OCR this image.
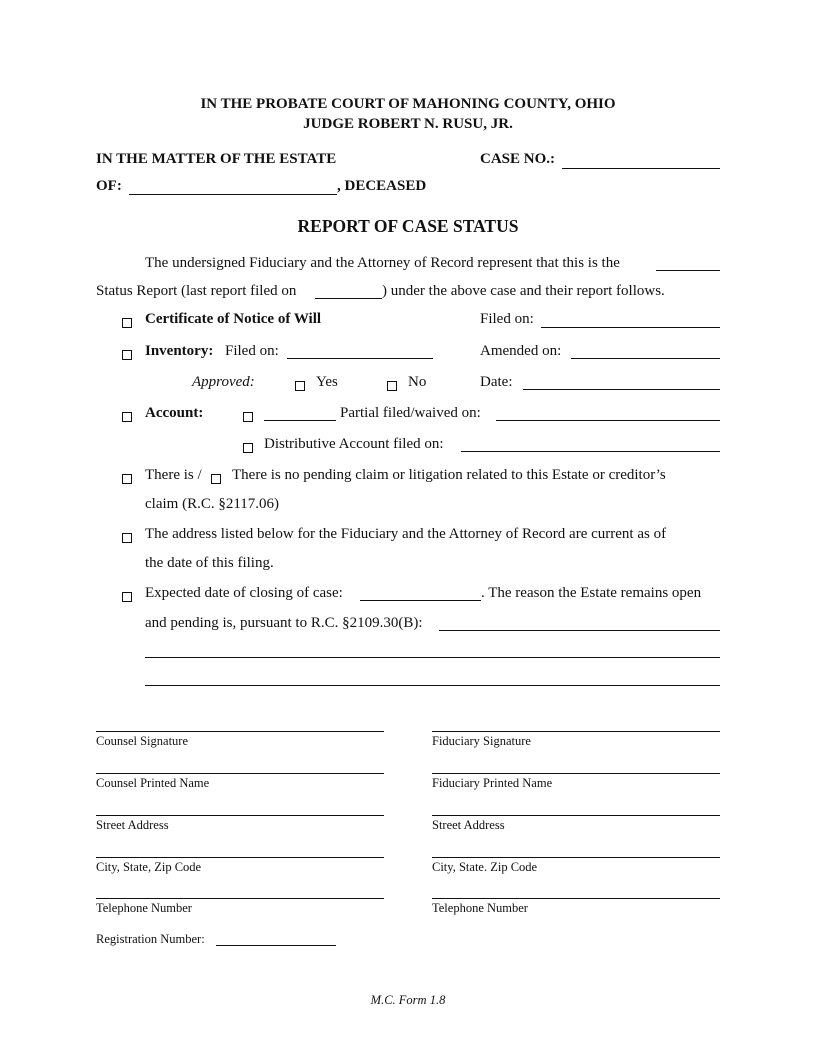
IN THE PROBATE COURT OF MAHONING COUNTY, OHIO
JUDGE ROBERT N. RUSU, JR.
IN THE MATTER OF THE ESTATE	CASE NO.:
OF:	, DECEASED
REPORT OF CASE STATUS
The undersigned Fiduciary and the Attorney of Record represent that this is the
Status Report (last report filed on	) under the above case and their report follows.
Certificate of Notice of Will	Filed on:
Inventory: Filed on:	Amended on:
Approved:	Yes	No	Date:
Account:	Partial filed/waived on:
Distributive Account filed on:
There is / There is no pending claim or litigation related to this Estate or creditor’s
claim (R.C. §2117.06)
The address listed below for the Fiduciary and the Attorney of Record are current as of
the date of this filing.
Expected date of closing of case:	. The reason the Estate remains open
and pending is, pursuant to R.C. §2109.30(B):
Counsel Signature	Fiduciary Signature
Counsel Printed Name	Fiduciary Printed Name
Street Address	Street Address
City, State, Zip Code	City, State. Zip Code
Telephone Number	Telephone Number
Registration Number:
M.C. Form 1.8
